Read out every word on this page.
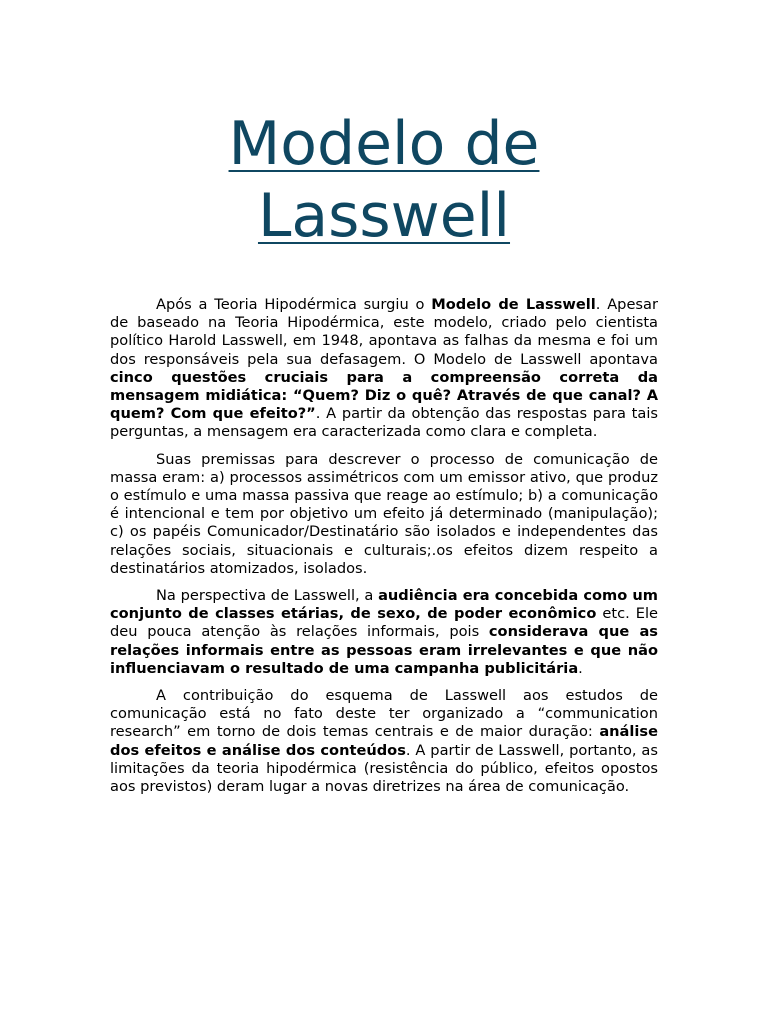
Modelo de Lasswell

Após a Teoria Hipodérmica surgiu o Modelo de Lasswell. Apesar de baseado na Teoria Hipodérmica, este modelo, criado pelo cientista político Harold Lasswell, em 1948, apontava as falhas da mesma e foi um dos responsáveis pela sua defasagem. O Modelo de Lasswell apontava cinco questões cruciais para a compreensão correta da mensagem midiática: “Quem? Diz o quê? Através de que canal? A quem? Com que efeito?”. A partir da obtenção das respostas para tais perguntas, a mensagem era caracterizada como clara e completa.

Suas premissas para descrever o processo de comunicação de massa eram: a) processos assimétricos com um emissor ativo, que produz o estímulo e uma massa passiva que reage ao estímulo; b) a comunicação é intencional e tem por objetivo um efeito já determinado (manipulação); c) os papéis Comunicador/Destinatário são isolados e independentes das relações sociais, situacionais e culturais;.os efeitos dizem respeito a destinatários atomizados, isolados.

Na perspectiva de Lasswell, a audiência era concebida como um conjunto de classes etárias, de sexo, de poder econômico etc. Ele deu pouca atenção às relações informais, pois considerava que as relações informais entre as pessoas eram irrelevantes e que não influenciavam o resultado de uma campanha publicitária.

A contribuição do esquema de Lasswell aos estudos de comunicação está no fato deste ter organizado a “communication research” em torno de dois temas centrais e de maior duração: análise dos efeitos e análise dos conteúdos. A partir de Lasswell, portanto, as limitações da teoria hipodérmica (resistência do público, efeitos opostos aos previstos) deram lugar a novas diretrizes na área de comunicação.
